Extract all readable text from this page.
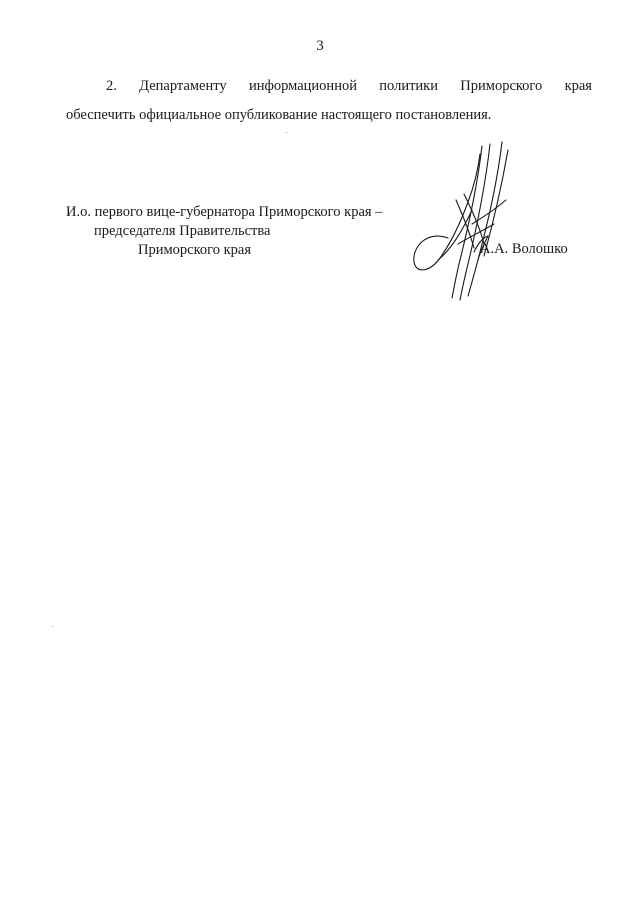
3
2. Департаменту информационной политики Приморского края
обеспечить официальное опубликование настоящего постановления.
И.о. первого вице-губернатора Приморского края –
председателя Правительства
Приморского края	А.А. Волошко
